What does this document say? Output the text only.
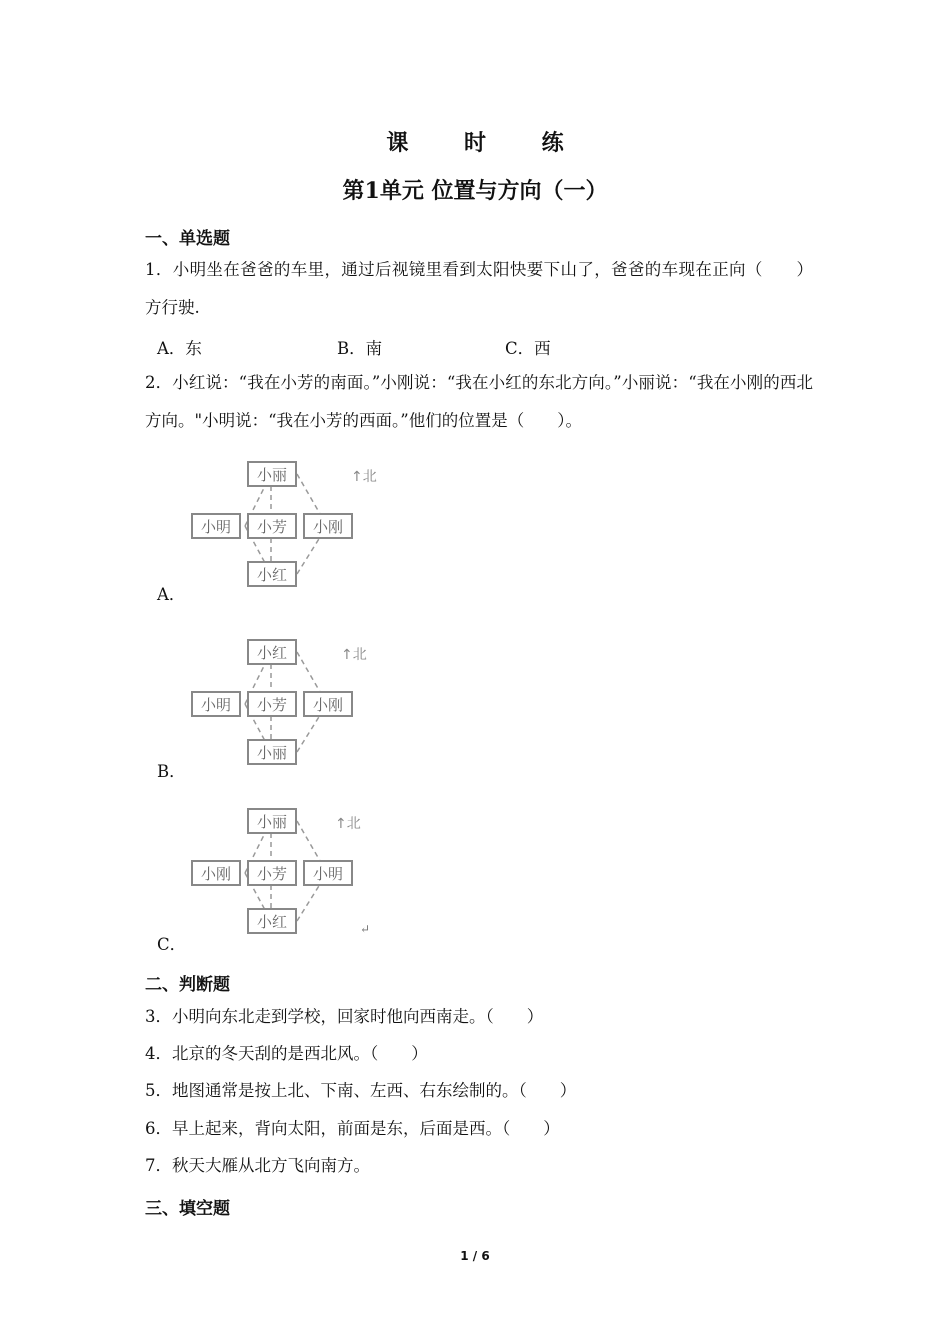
课 时 练
第1单元 位置与方向（一）
一、单选题
1．小明坐在爸爸的车里，通过后视镜里看到太阳快要下山了，爸爸的车现在正向（　　）方行驶.
A．东	B．南	C．西
2．小红说：“我在小芳的南面。”小刚说：“我在小红的东北方向。”小丽说：“我在小刚的西北方向。"小明说：“我在小芳的西面。”他们的位置是（　　）。
小丽
小明 小芳 小刚
小红
↑北
A．
小红
小明 小芳 小刚
小丽
↑北
B．
小丽
小刚 小芳 小明
小红
↑北
↵
C．
二、判断题
3．小明向东北走到学校，回家时他向西南走。（　　）
4．北京的冬天刮的是西北风。（　　）
5．地图通常是按上北、下南、左西、右东绘制的。（　　）
6．早上起来，背向太阳，前面是东，后面是西。（　　）
7．秋天大雁从北方飞向南方。
三、填空题
1 / 6
